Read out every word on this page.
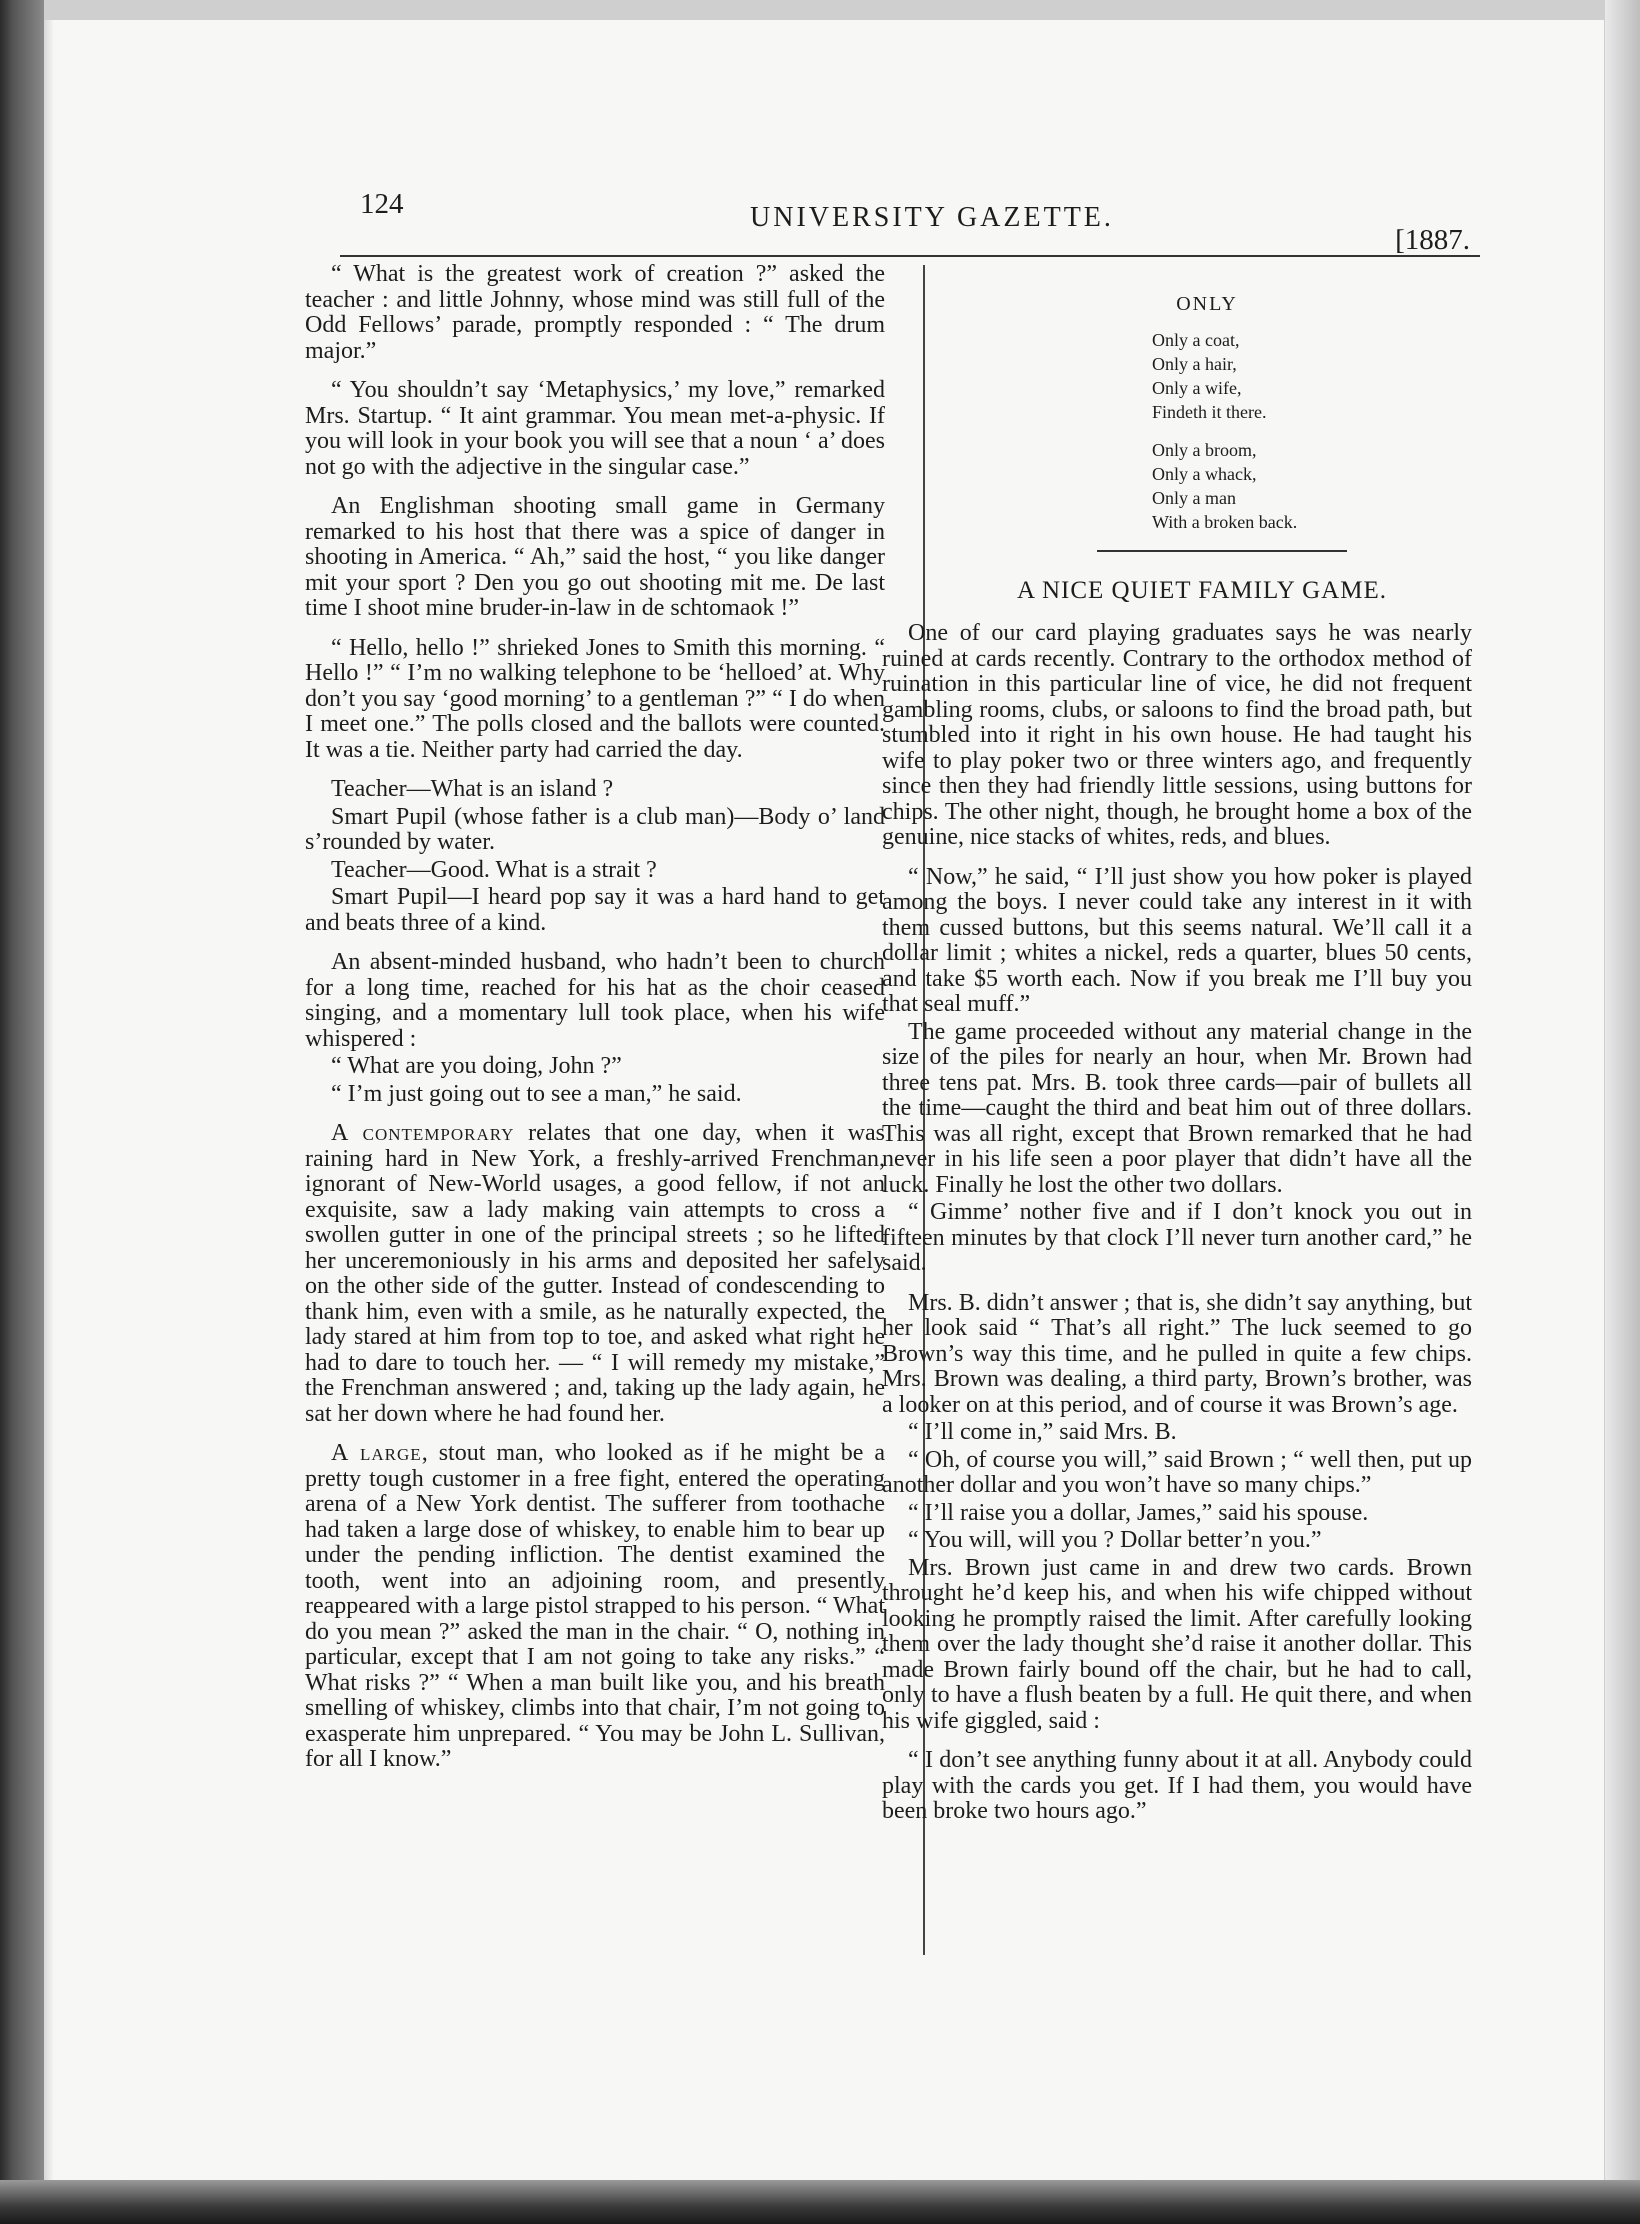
124	UNIVERSITY GAZETTE.
[1887.

“ What is the greatest work of creation ?” asked the teacher : and little Johnny, whose mind was still full of the Odd Fellows’ parade, promptly responded : “ The drum major.”

“ You shouldn’t say ‘Metaphysics,’ my love,” remarked Mrs. Startup. “ It aint grammar. You mean met-a-physic. If you will look in your book you will see that a noun ‘ a’ does not go with the adjective in the singular case.”

An Englishman shooting small game in Germany remarked to his host that there was a spice of danger in shooting in America. “ Ah,” said the host, “ you like danger mit your sport ? Den you go out shooting mit me. De last time I shoot mine bruder-in-law in de schtomaok !”

“ Hello, hello !” shrieked Jones to Smith this morning. “ Hello !” “ I’m no walking telephone to be ‘helloed’ at. Why don’t you say ‘good morning’ to a gentleman ?” “ I do when I meet one.” The polls closed and the ballots were counted. It was a tie. Neither party had carried the day.

Teacher—What is an island ?

Smart Pupil (whose father is a club man)—Body o’ land s’rounded by water.

Teacher—Good. What is a strait ?

Smart Pupil—I heard pop say it was a hard hand to get and beats three of a kind.

An absent-minded husband, who hadn’t been to church for a long time, reached for his hat as the choir ceased singing, and a momentary lull took place, when his wife whispered :

“ What are you doing, John ?”

“ I’m just going out to see a man,” he said.

A contemporary relates that one day, when it was raining hard in New York, a freshly-arrived Frenchman, ignorant of New-World usages, a good fellow, if not an exquisite, saw a lady making vain attempts to cross a swollen gutter in one of the principal streets ; so he lifted her unceremoniously in his arms and deposited her safely on the other side of the gutter. Instead of condescending to thank him, even with a smile, as he naturally expected, the lady stared at him from top to toe, and asked what right he had to dare to touch her. — “ I will remedy my mistake,” the Frenchman answered ; and, taking up the lady again, he sat her down where he had found her.

A large, stout man, who looked as if he might be a pretty tough customer in a free fight, entered the operating arena of a New York dentist. The sufferer from toothache had taken a large dose of whiskey, to enable him to bear up under the pending infliction. The dentist examined the tooth, went into an adjoining room, and presently reappeared with a large pistol strapped to his person. “ What do you mean ?” asked the man in the chair. “ O, nothing in particular, except that I am not going to take any risks.” “ What risks ?” “ When a man built like you, and his breath smelling of whiskey, climbs into that chair, I’m not going to exasperate him unprepared. “ You may be John L. Sullivan, for all I know.”

ONLY
Only a coat,
Only a hair,
Only a wife,
Findeth it there.
Only a broom,
Only a whack,
Only a man
With a broken back.
A NICE QUIET FAMILY GAME.

One of our card playing graduates says he was nearly ruined at cards recently. Contrary to the orthodox method of ruination in this particular line of vice, he did not frequent gambling rooms, clubs, or saloons to find the broad path, but stumbled into it right in his own house. He had taught his wife to play poker two or three winters ago, and frequently since then they had friendly little sessions, using buttons for chips. The other night, though, he brought home a box of the genuine, nice stacks of whites, reds, and blues.

“ Now,” he said, “ I’ll just show you how poker is played among the boys. I never could take any interest in it with them cussed buttons, but this seems natural. We’ll call it a dollar limit ; whites a nickel, reds a quarter, blues 50 cents, and take $5 worth each. Now if you break me I’ll buy you that seal muff.”

The game proceeded without any material change in the size of the piles for nearly an hour, when Mr. Brown had three tens pat. Mrs. B. took three cards—pair of bullets all the time—caught the third and beat him out of three dollars. This was all right, except that Brown remarked that he had never in his life seen a poor player that didn’t have all the luck. Finally he lost the other two dollars.

“ Gimme’ nother five and if I don’t knock you out in fifteen minutes by that clock I’ll never turn another card,” he said.

Mrs. B. didn’t answer ; that is, she didn’t say anything, but her look said “ That’s all right.” The luck seemed to go Brown’s way this time, and he pulled in quite a few chips. Mrs. Brown was dealing, a third party, Brown’s brother, was a looker on at this period, and of course it was Brown’s age.

“ I’ll come in,” said Mrs. B.

“ Oh, of course you will,” said Brown ; “ well then, put up another dollar and you won’t have so many chips.”

“ I’ll raise you a dollar, James,” said his spouse.

“ You will, will you ? Dollar better’n you.”

Mrs. Brown just came in and drew two cards. Brown throught he’d keep his, and when his wife chipped without looking he promptly raised the limit. After carefully looking them over the lady thought she’d raise it another dollar. This made Brown fairly bound off the chair, but he had to call, only to have a flush beaten by a full. He quit there, and when his wife giggled, said :

“ I don’t see anything funny about it at all. Anybody could play with the cards you get. If I had them, you would have been broke two hours ago.”
